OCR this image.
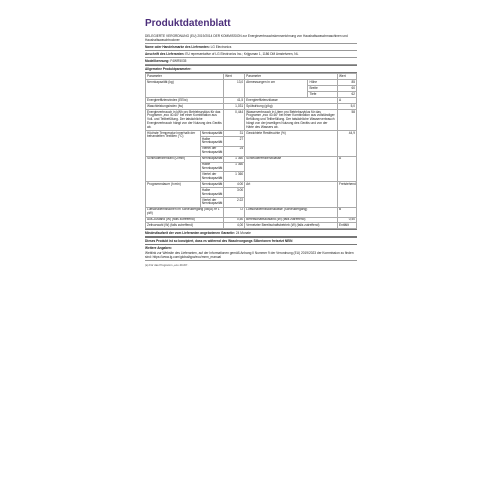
Produktdatenblatt
DELEGIERTE VERORDNUNG (EU) 2019/2014 DER KOMMISSION zur Energieverbrauchskennzeichnung von Haushaltswaschmaschinen und Haushaltswaschtrockner
Name oder Handelsmarke des Lieferanten: LG Electronics
Anschrift des Lieferanten: EU representative of LG Electronics Inc.; Krijgsman 1, 1186 DM Amstelveen, NL
Modellkennung: F4WR5035
Allgemeine Produktparameter:
Parameter		Wert	Parameter		Wert
Nennkapazität (kg)		13,0	Abmessungen in cm	Höhe	85
				Breite	60
				Tiefe	62
Energieeffizienzindex (EEIw)		41,5	Energieeffizienzklasse		A
Waschleistungsindex (Iw)		1,031	Spülwirkung (g/kg)		5,0
Energieverbrauch in kWh pro Betriebszyklus für das Programm „eco 40-60“ bei einer Kombination aus Voll- und Teilbefüllung. Der tatsächliche Energieverbrauch hängt von der Nutzung des Geräts ab.		0,444	Wasserverbrauch in Litern pro Betriebszyklus für das Programm „eco 40-60“ bei einer Kombination aus vollständiger Befüllung und Teilbefüllung. Der tatsächliche Wasserverbrauch hängt von der jeweiligen Nutzung des Geräts und von der Härte des Wassers ab.		58
Höchste Temperatur innerhalb der behandelten Textilien (°C)	Nennkapazität	31	Gewichtete Restfeuchte (%)		44,9
	Halbe Nennkapazität	27			
	Viertel der Nennkapazität	24			
Schleuderdrehzahl (U/min)	Nennkapazität	1 360	Schleudereffizienzklasse		A
	Halbe Nennkapazität	1 360			
	Viertel der Nennkapazität	1 360			
Programmdauer (h:min)	Nennkapazität	4:00	Art		Freistehend
	Halbe Nennkapazität	3:00			
	Viertel der Nennkapazität	2:22			
Luftschallemissionen im Schleudergang (dB(A) re 1 pW)		72	Luftschallemissionsklasse (Schleudergang)		B
Aus-Zustand (W) (falls zutreffend)		0,50	Bereitschaftszustand (W) (falls zutreffend)		0,50
Zeitvorwahl (W) (falls zutreffend)		4,00	Vernetzter Bereitschaftsbetrieb (W) (falls zutreffend)		Entfällt
Mindestlaufzeit der vom Lieferanten angebotenen Garantie: 24 Monate
Dieses Produkt ist so konzipiert, dass es während des Waschvorgangs Silberionen freisetzt NEIN
Weitere Angaben:
Weblink zur Website des Lieferanten, auf der Informationen gemäß Anhang II Nummer 9 der Verordnung (EU) 2019/2023 der Kommission zu finden sind: https://www.lg.com/global/qpa/eco/mmn_manual
(a) Für das Programm „eco 40-60“.
